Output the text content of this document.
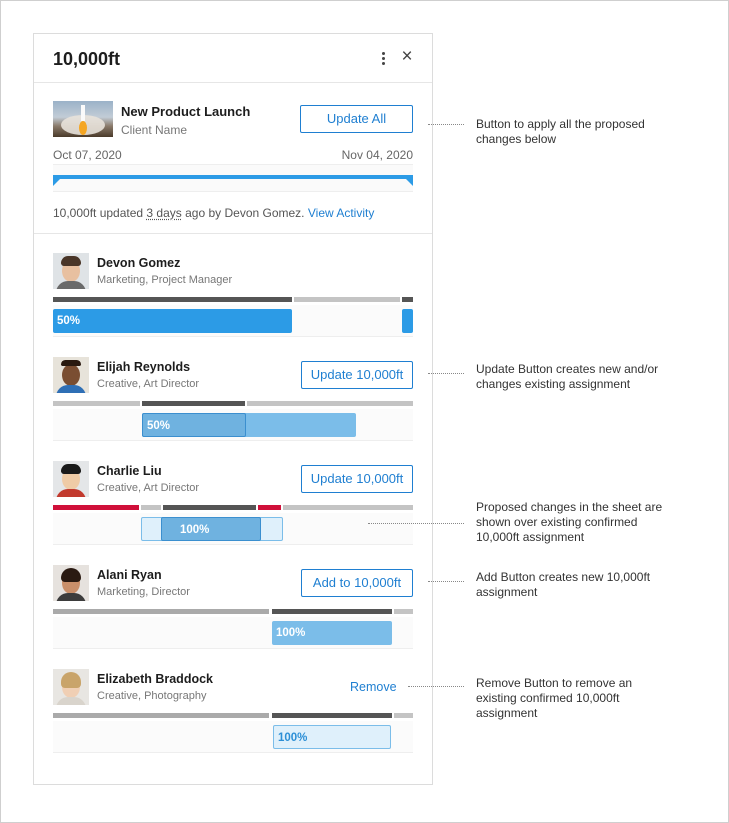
10,000ft	×
New Product Launch
Client Name
Update All
Oct 07, 2020	Nov 04, 2020
10,000ft updated 3 days ago by Devon Gomez. View Activity
Devon Gomez
Marketing, Project Manager
50%
Elijah Reynolds
Creative, Art Director
Update 10,000ft
50%
Charlie Liu
Creative, Art Director
Update 10,000ft
100%
Alani Ryan
Marketing, Director
Add to 10,000ft
100%
Elizabeth Braddock
Creative, Photography
Remove
100%
Button to apply all the proposed changes below
Update Button creates new and/or changes existing assignment
Proposed changes in the sheet are shown over existing confirmed 10,000ft assignment
Add Button creates new 10,000ft assignment
Remove Button to remove an existing confirmed 10,000ft assignment
